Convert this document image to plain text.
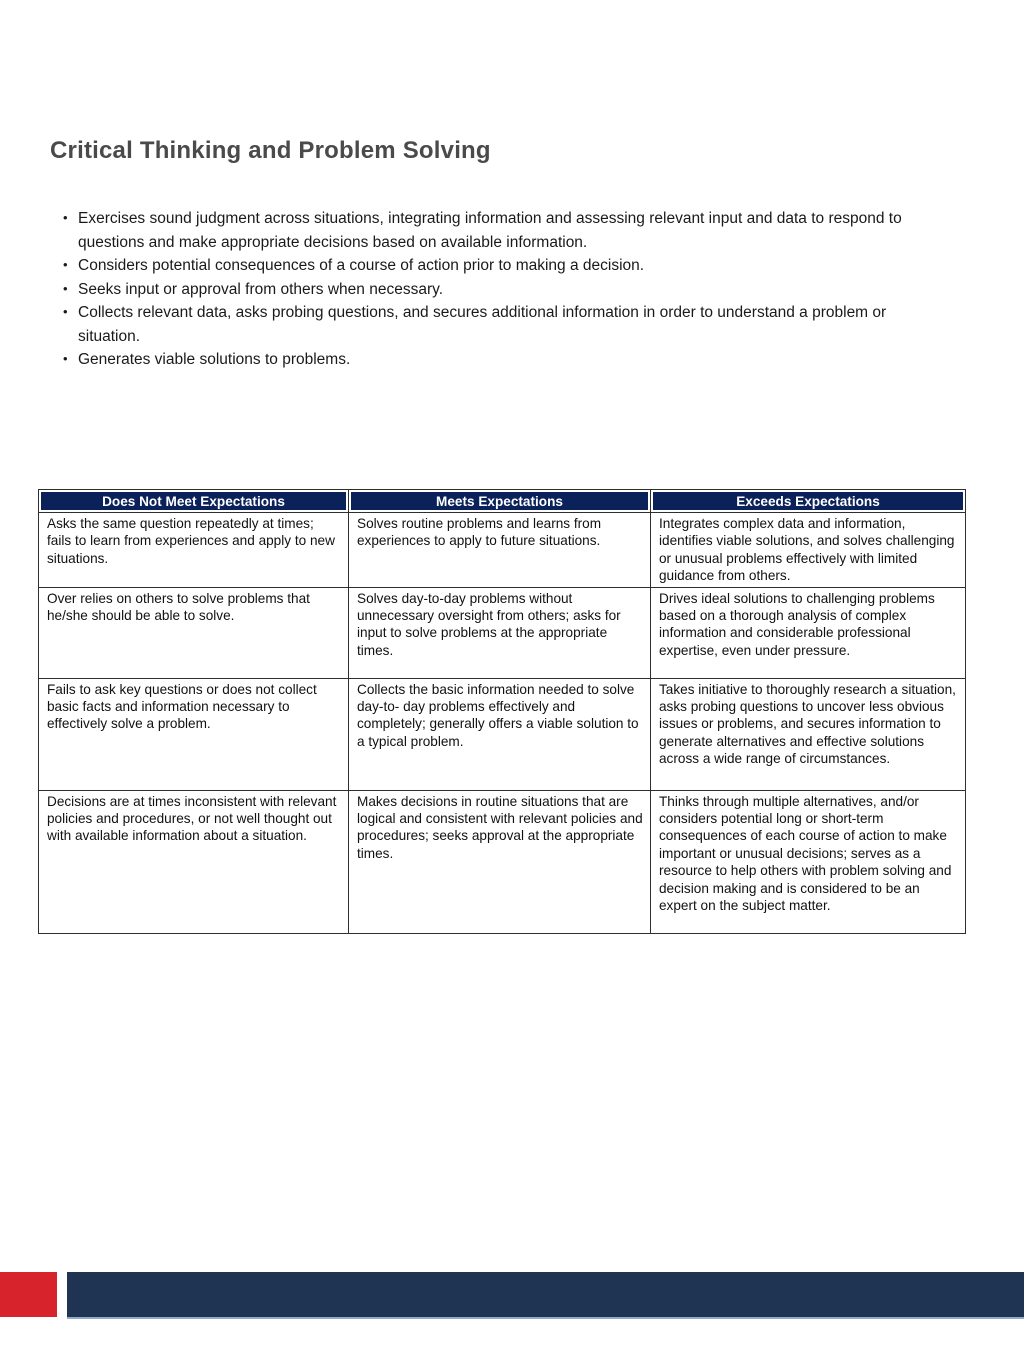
Critical Thinking and Problem Solving
• Exercises sound judgment across situations, integrating information and assessing relevant input and data to respond to questions and make appropriate decisions based on available information.
• Considers potential consequences of a course of action prior to making a decision.
• Seeks input or approval from others when necessary.
• Collects relevant data, asks probing questions, and secures additional information in order to understand a problem or situation.
• Generates viable solutions to problems.
Does Not Meet Expectations	Meets Expectations	Exceeds Expectations
Asks the same question repeatedly at times; fails to learn from experiences and apply to new situations.	Solves routine problems and learns from experiences to apply to future situations.	Integrates complex data and information, identifies viable solutions, and solves challenging or unusual problems effectively with limited guidance from others.
Over relies on others to solve problems that he/she should be able to solve.	Solves day-to-day problems without unnecessary oversight from others; asks for input to solve problems at the appropriate times.	Drives ideal solutions to challenging problems based on a thorough analysis of complex information and considerable professional expertise, even under pressure.
Fails to ask key questions or does not collect basic facts and information necessary to effectively solve a problem.	Collects the basic information needed to solve day-to- day problems effectively and completely; generally offers a viable solution to a typical problem.	Takes initiative to thoroughly research a situation, asks probing questions to uncover less obvious issues or problems, and secures information to generate alternatives and effective solutions across a wide range of circumstances.
Decisions are at times inconsistent with relevant policies and procedures, or not well thought out with available information about a situation.	Makes decisions in routine situations that are logical and consistent with relevant policies and procedures; seeks approval at the appropriate times.	Thinks through multiple alternatives, and/or considers potential long or short-term consequences of each course of action to make important or unusual decisions; serves as a resource to help others with problem solving and decision making and is considered to be an expert on the subject matter.
